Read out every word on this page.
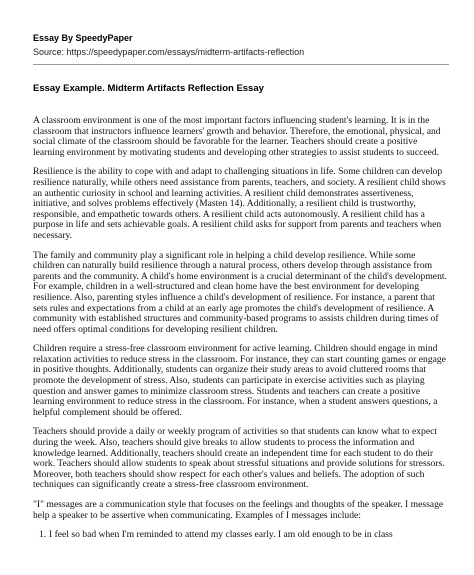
Essay By SpeedyPaper
Source: https://speedypaper.com/essays/midterm-artifacts-reflection
Essay Example. Midterm Artifacts Reflection Essay

A classroom environment is one of the most important factors influencing student's learning. It is in the classroom that instructors influence learners' growth and behavior. Therefore, the emotional, physical, and social climate of the classroom should be favorable for the learner. Teachers should create a positive learning environment by motivating students and developing other strategies to assist students to succeed.

Resilience is the ability to cope with and adapt to challenging situations in life. Some children can develop resilience naturally, while others need assistance from parents, teachers, and society. A resilient child shows an authentic curiosity in school and learning activities. A resilient child demonstrates assertiveness, initiative, and solves problems effectively (Masten 14). Additionally, a resilient child is trustworthy, responsible, and empathetic towards others. A resilient child acts autonomously. A resilient child has a purpose in life and sets achievable goals. A resilient child asks for support from parents and teachers when necessary.

The family and community play a significant role in helping a child develop resilience. While some children can naturally build resilience through a natural process, others develop through assistance from parents and the community. A child's home environment is a crucial determinant of the child's development. For example, children in a well-structured and clean home have the best environment for developing resilience. Also, parenting styles influence a child's development of resilience. For instance, a parent that sets rules and expectations from a child at an early age promotes the child's development of resilience. A community with established structures and community-based programs to assists children during times of need offers optimal conditions for developing resilient children.

Children require a stress-free classroom environment for active learning. Children should engage in mind relaxation activities to reduce stress in the classroom. For instance, they can start counting games or engage in positive thoughts. Additionally, students can organize their study areas to avoid cluttered rooms that promote the development of stress. Also, students can participate in exercise activities such as playing question and answer games to minimize classroom stress. Students and teachers can create a positive learning environment to reduce stress in the classroom. For instance, when a student answers questions, a helpful complement should be offered.

Teachers should provide a daily or weekly program of activities so that students can know what to expect during the week. Also, teachers should give breaks to allow students to process the information and knowledge learned. Additionally, teachers should create an independent time for each student to do their work. Teachers should allow students to speak about stressful situations and provide solutions for stressors. Moreover, both teachers should show respect for each other's values and beliefs. The adoption of such techniques can significantly create a stress-free classroom environment.

"I" messages are a communication style that focuses on the feelings and thoughts of the speaker. I message help a speaker to be assertive when communicating. Examples of I messages include:

1. I feel so bad when I'm reminded to attend my classes early. I am old enough to be in class
